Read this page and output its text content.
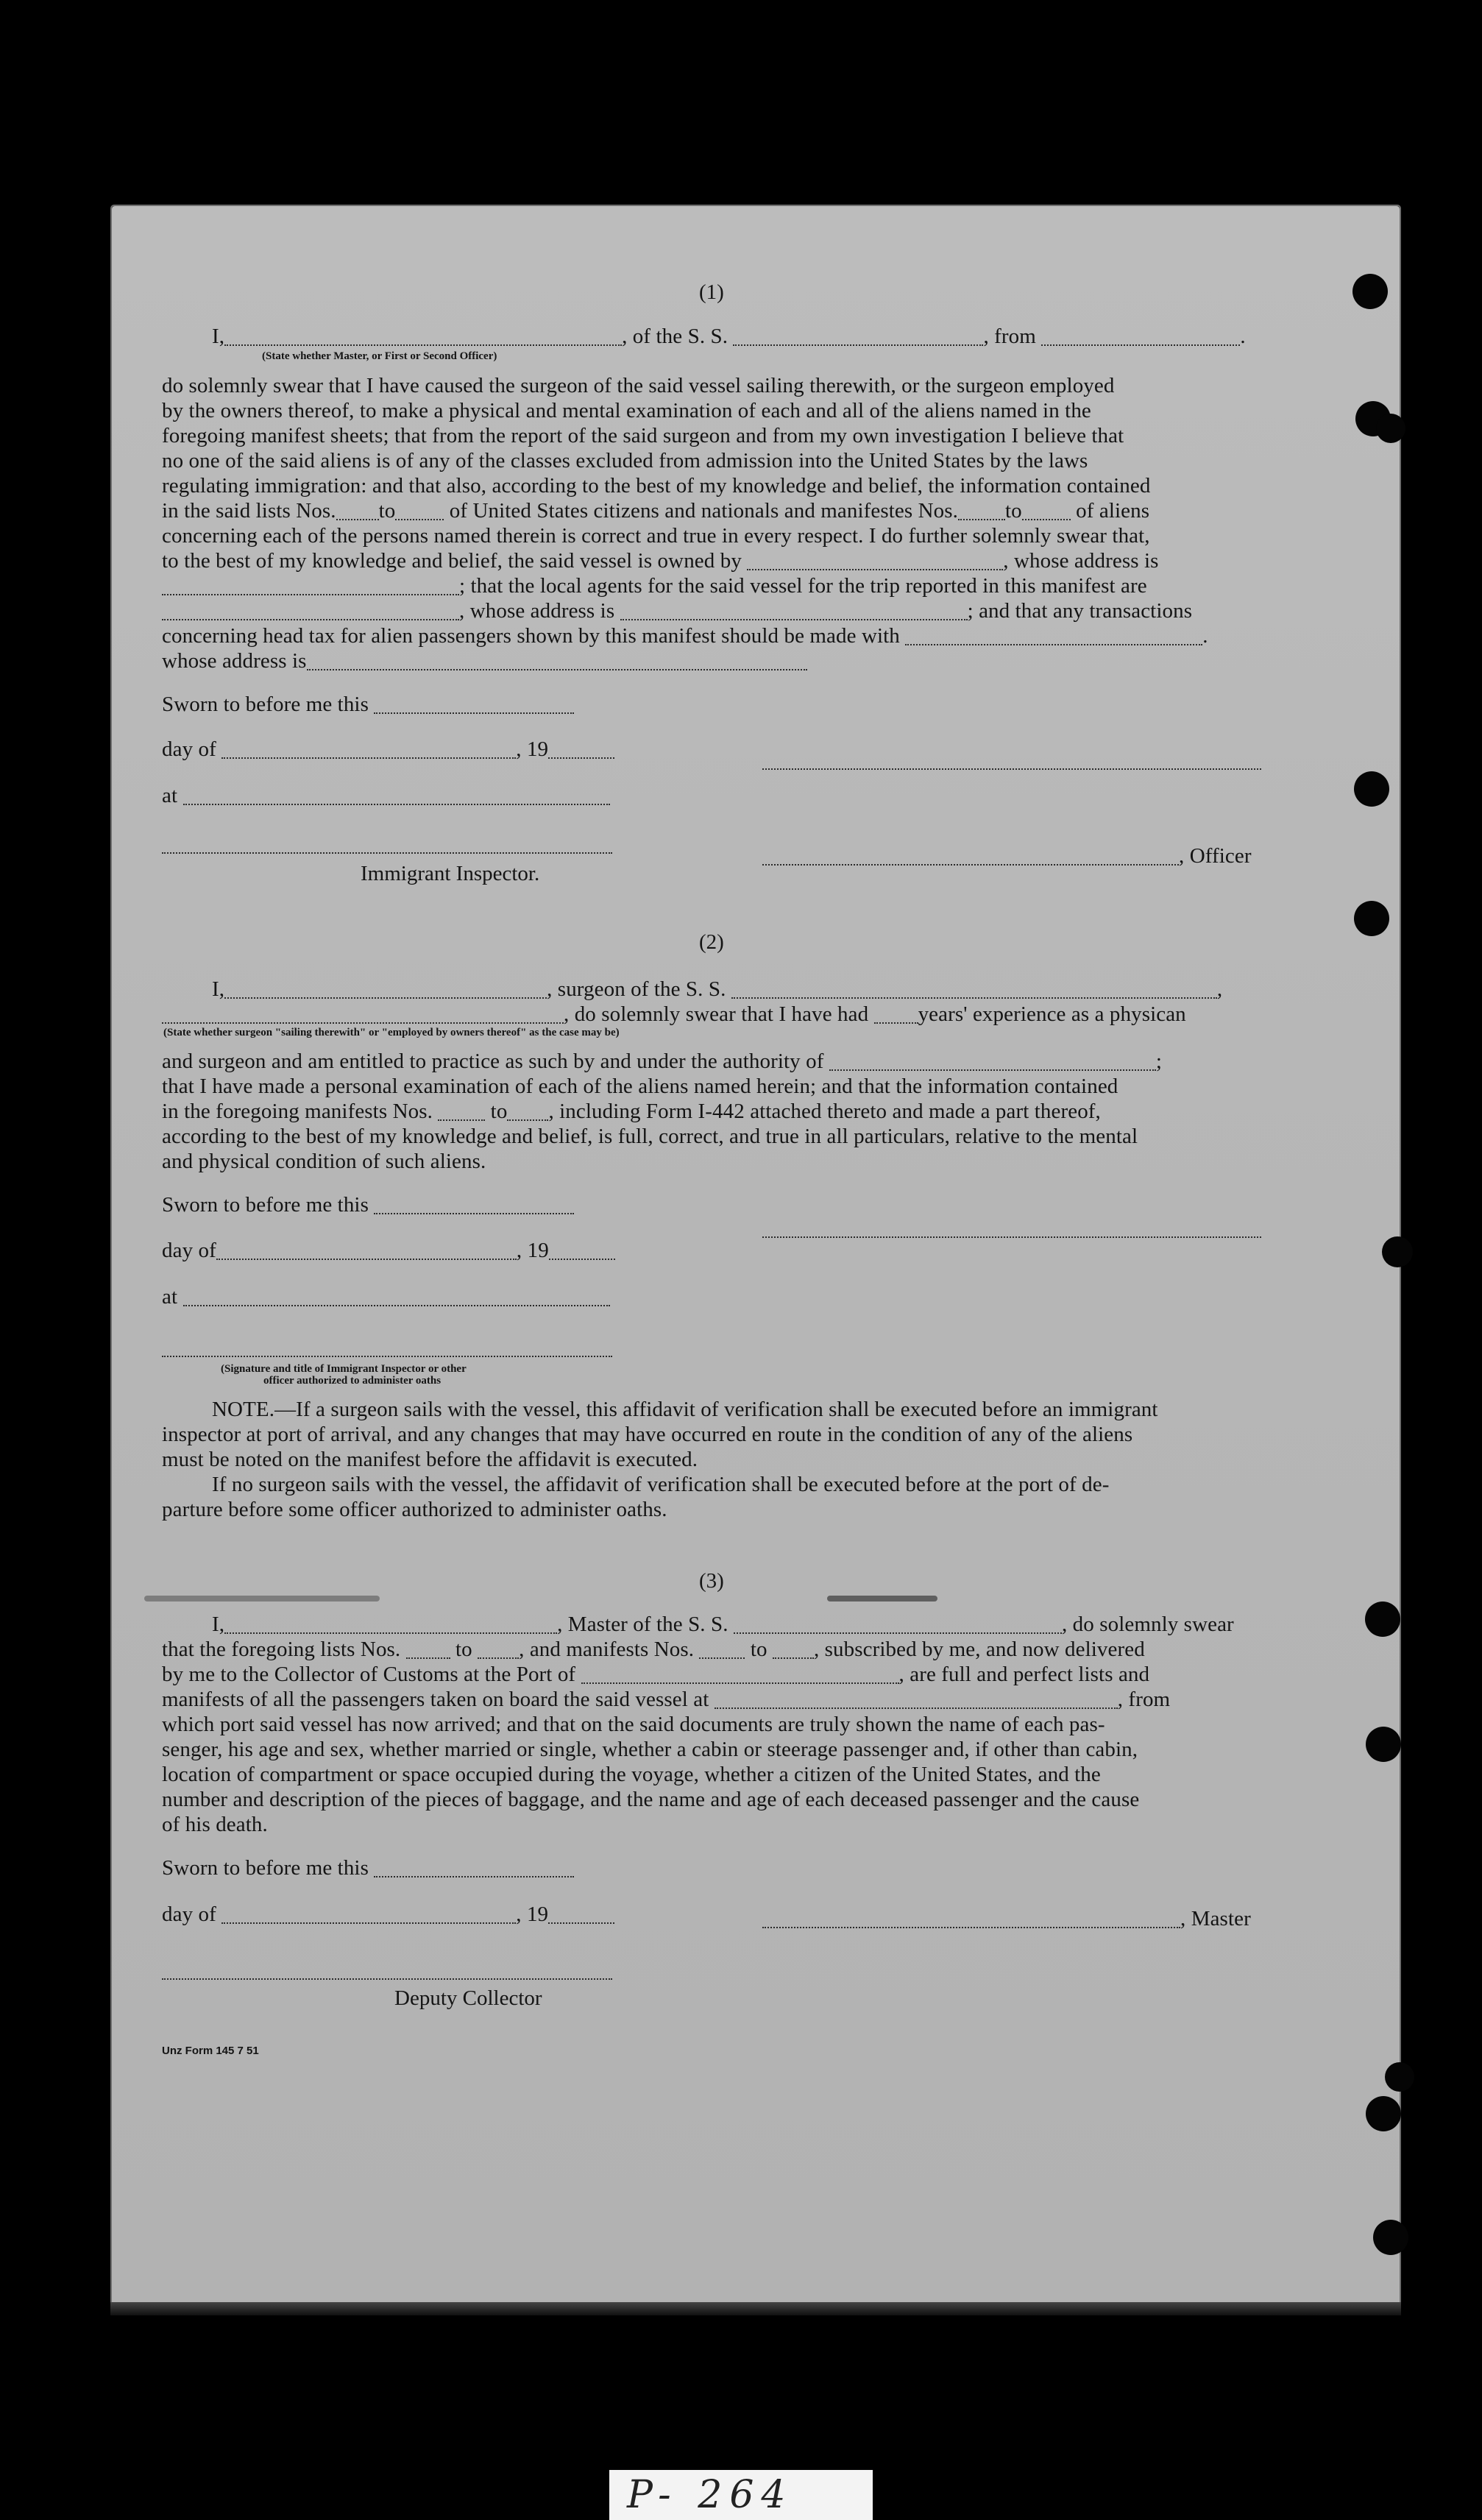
(1)
I,	, of the S. S.	, from	.
(State whether Master, or First or Second Officer)
do solemnly swear that I have caused the surgeon of the said vessel sailing therewith, or the surgeon employed
by the owners thereof, to make a physical and mental examination of each and all of the aliens named in the
foregoing manifest sheets; that from the report of the said surgeon and from my own investigation I believe that
no one of the said aliens is of any of the classes excluded from admission into the United States by the laws
regulating immigration: and that also, according to the best of my knowledge and belief, the information contained
in the said lists Nos. to	of United States citizens and nationals and manifestes Nos. to	of aliens
concerning each of the persons named therein is correct and true in every respect. I do further solemnly swear that,
to the best of my knowledge and belief, the said vessel is owned by	, whose address is
; that the local agents for the said vessel for the trip reported in this manifest are
, whose address is	; and that any transactions
concerning head tax for alien passengers shown by this manifest should be made with	.
whose address is
Sworn to before me this
day of	, 19
at
, Officer
Immigrant Inspector.
(2)
I,	, surgeon of the S. S.	,
, do solemnly swear that I have had years' experience as a physican
(State whether surgeon "sailing therewith" or "employed by owners thereof" as the case may be)
and surgeon and am entitled to practice as such by and under the authority of	;
that I have made a personal examination of each of the aliens named herein; and that the information contained
in the foregoing manifests Nos.	to , including Form I-442 attached thereto and made a part thereof,
according to the best of my knowledge and belief, is full, correct, and true in all particulars, relative to the mental
and physical condition of such aliens.
Sworn to before me this
day of	, 19
at
(Signature and title of Immigrant Inspector or other
officer authorized to administer oaths
NOTE.—If a surgeon sails with the vessel, this affidavit of verification shall be executed before an immigrant
inspector at port of arrival, and any changes that may have occurred en route in the condition of any of the aliens
must be noted on the manifest before the affidavit is executed.
If no surgeon sails with the vessel, the affidavit of verification shall be executed before at the port of de-
parture before some officer authorized to administer oaths.
(3)
I,	, Master of the S. S.	, do solemnly swear
that the foregoing lists Nos.	to , and manifests Nos.	to , subscribed by me, and now delivered
by me to the Collector of Customs at the Port of	, are full and perfect lists and
manifests of all the passengers taken on board the said vessel at	, from
which port said vessel has now arrived; and that on the said documents are truly shown the name of each pas-
senger, his age and sex, whether married or single, whether a cabin or steerage passenger and, if other than cabin,
location of compartment or space occupied during the voyage, whether a citizen of the United States, and the
number and description of the pieces of baggage, and the name and age of each deceased passenger and the cause
of his death.
Sworn to before me this
day of	, 19	, Master
Deputy Collector
Unz Form 145 7 51
P- 264
